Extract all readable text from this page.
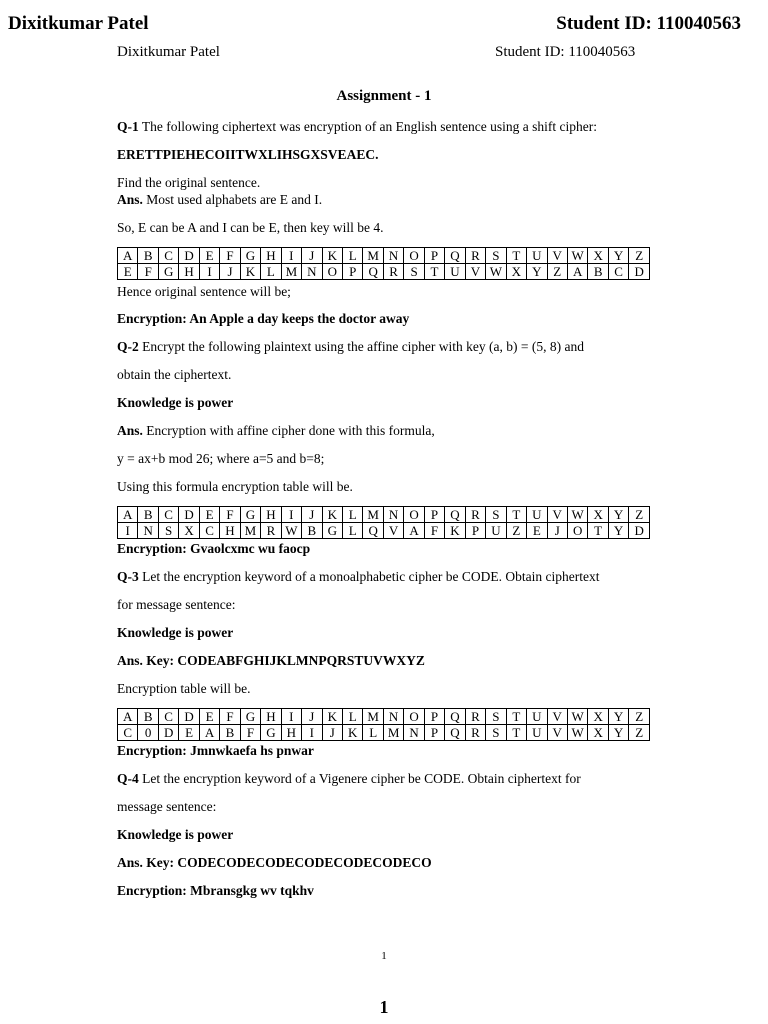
Dixitkumar Patel	Student ID: 110040563
Dixitkumar Patel	Student ID: 110040563
Assignment - 1
Q-1 The following ciphertext was encryption of an English sentence using a shift cipher:
ERETTPIEHECOIITWXLIHSGXSVEAEC.
Find the original sentence.
Ans. Most used alphabets are E and I.
So, E can be A and I can be E, then key will be 4.
A	B	C	D	E	F	G	H	I	J	K	L	M	N	O	P	Q	R	S	T	U	V	W	X	Y	Z
E	F	G	H	I	J	K	L	M	N	O	P	Q	R	S	T	U	V	W	X	Y	Z	A	B	C	D
Hence original sentence will be;
Encryption: An Apple a day keeps the doctor away
Q-2 Encrypt the following plaintext using the affine cipher with key (a, b) = (5, 8) and
obtain the ciphertext.
Knowledge is power
Ans. Encryption with affine cipher done with this formula,
y = ax+b mod 26; where a=5 and b=8;
Using this formula encryption table will be.
A	B	C	D	E	F	G	H	I	J	K	L	M	N	O	P	Q	R	S	T	U	V	W	X	Y	Z
I	N	S	X	C	H	M	R	W	B	G	L	Q	V	A	F	K	P	U	Z	E	J	O	T	Y	D
Encryption: Gvaolcxmc wu faocp
Q-3 Let the encryption keyword of a monoalphabetic cipher be CODE. Obtain ciphertext
for message sentence:
Knowledge is power
Ans. Key: CODEABFGHIJKLMNPQRSTUVWXYZ
Encryption table will be.
A	B	C	D	E	F	G	H	I	J	K	L	M	N	O	P	Q	R	S	T	U	V	W	X	Y	Z
C	0	D	E	A	B	F	G	H	I	J	K	L	M	N	P	Q	R	S	T	U	V	W	X	Y	Z
Encryption: Jmnwkaefa hs pnwar
Q-4 Let the encryption keyword of a Vigenere cipher be CODE. Obtain ciphertext for
message sentence:
Knowledge is power
Ans. Key: CODECODECODECODECODECODECO
Encryption: Mbransgkg wv tqkhv
1
1
